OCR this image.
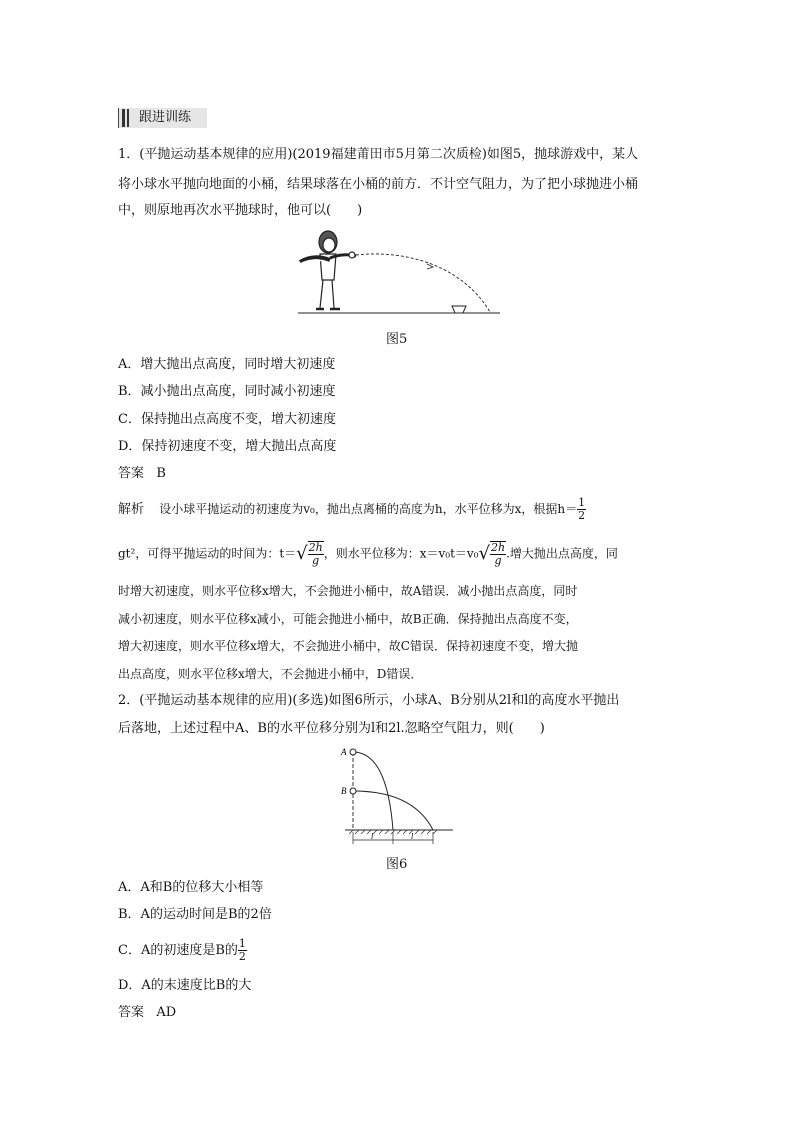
跟进训练
1．(平抛运动基本规律的应用)(2019福建莆田市5月第二次质检)如图5，抛球游戏中，某人
将小球水平抛向地面的小桶，结果球落在小桶的前方．不计空气阻力，为了把小球抛进小桶
中，则原地再次水平抛球时，他可以(　　)
图5
A．增大抛出点高度，同时增大初速度
B．减小抛出点高度，同时减小初速度
C．保持抛出点高度不变，增大初速度
D．保持初速度不变，增大抛出点高度
答案 B
解析 设小球平抛运动的初速度为v₀，抛出点离桶的高度为h，水平位移为x，根据$h= \frac{1}{2}$
gt²，可得平抛运动的时间为：$t=√ \frac{2h}{g}$ ，则水平位移为：$x=v_0t=v_0√ \frac{2h}{g}$ .增大抛出点高度，同
时增大初速度，则水平位移x增大，不会抛进小桶中，故A错误．减小抛出点高度，同时
减小初速度，则水平位移x减小，可能会抛进小桶中，故B正确．保持抛出点高度不变，
增大初速度，则水平位移x增大，不会抛进小桶中，故C错误．保持初速度不变，增大抛
出点高度，则水平位移x增大，不会抛进小桶中，D错误．
2．(平抛运动基本规律的应用)(多选)如图6所示，小球A、B分别从2l和l的高度水平抛出
后落地，上述过程中A、B的水平位移分别为l和2l.忽略空气阻力，则(　　)
A
B
l	l
图6
A．A和B的位移大小相等
B．A的运动时间是B的2倍
C．A的初速度是B的 $\frac{1}{2}$
D．A的末速度比B的大
答案 AD
